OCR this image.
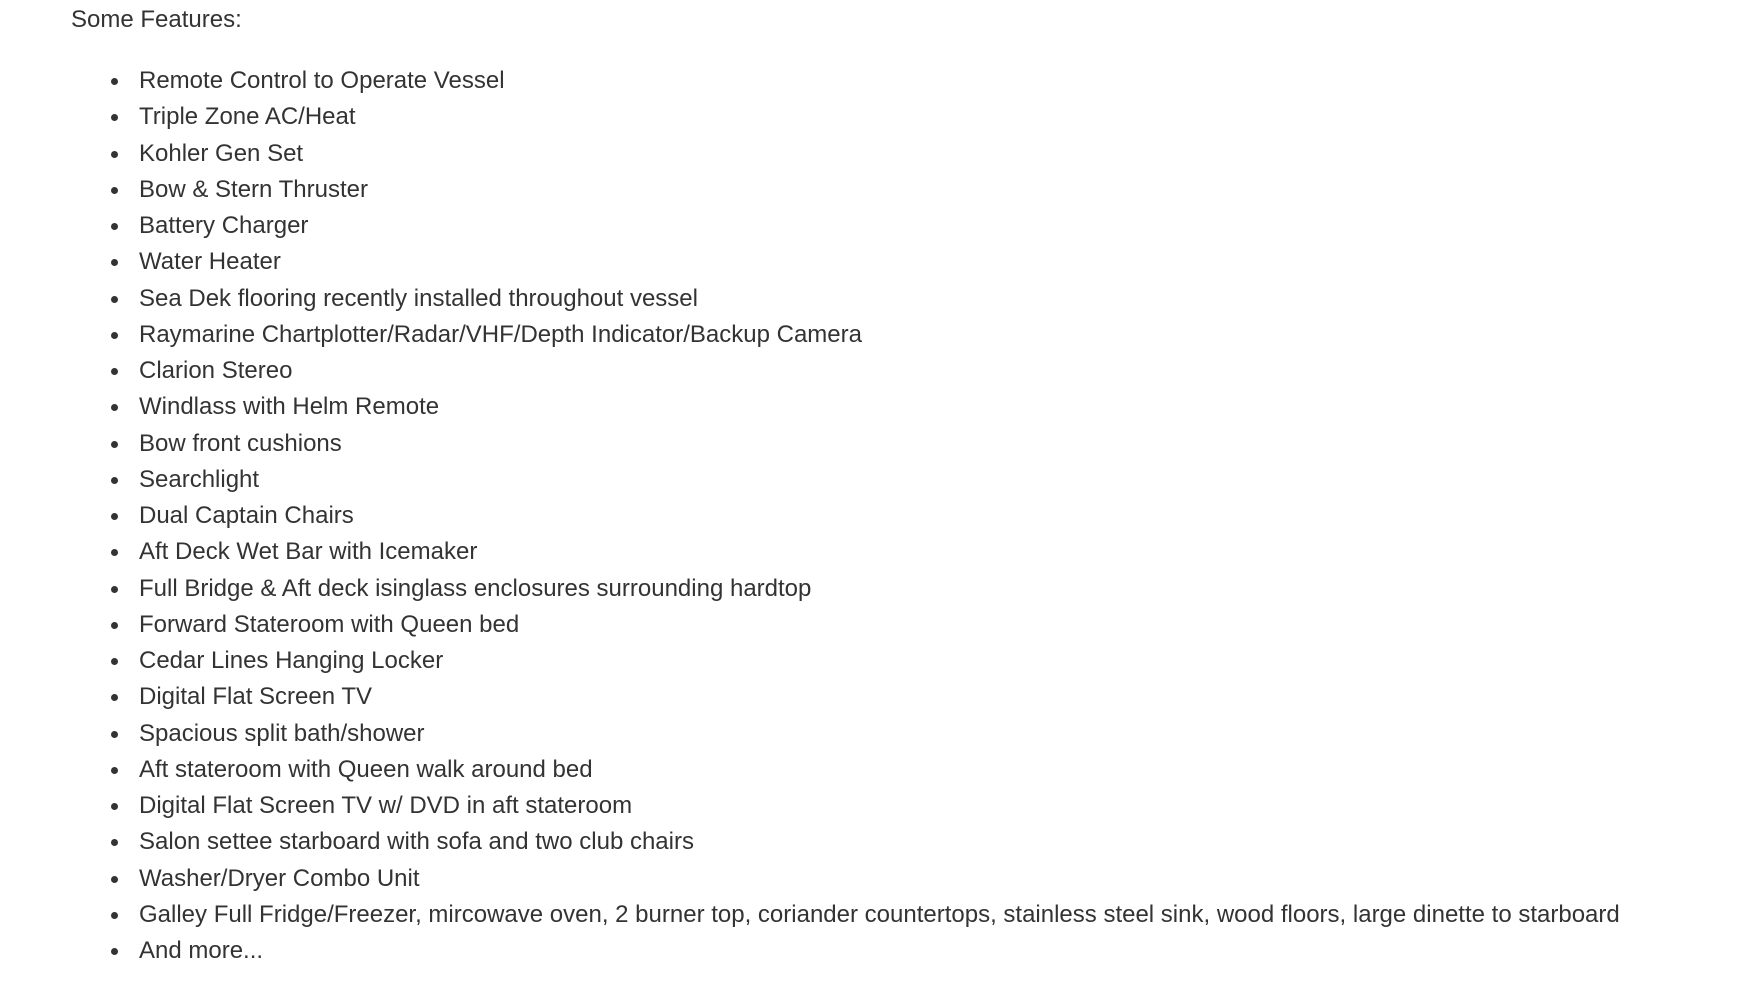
Some Features:

Remote Control to Operate Vessel
Triple Zone AC/Heat
Kohler Gen Set
Bow & Stern Thruster
Battery Charger
Water Heater
Sea Dek flooring recently installed throughout vessel
Raymarine Chartplotter/Radar/VHF/Depth Indicator/Backup Camera
Clarion Stereo
Windlass with Helm Remote
Bow front cushions
Searchlight
Dual Captain Chairs
Aft Deck Wet Bar with Icemaker
Full Bridge & Aft deck isinglass enclosures surrounding hardtop
Forward Stateroom with Queen bed
Cedar Lines Hanging Locker
Digital Flat Screen TV
Spacious split bath/shower
Aft stateroom with Queen walk around bed
Digital Flat Screen TV w/ DVD in aft stateroom
Salon settee starboard with sofa and two club chairs
Washer/Dryer Combo Unit
Galley Full Fridge/Freezer, mircowave oven, 2 burner top, coriander countertops, stainless steel sink, wood floors, large dinette to starboard
And more...
